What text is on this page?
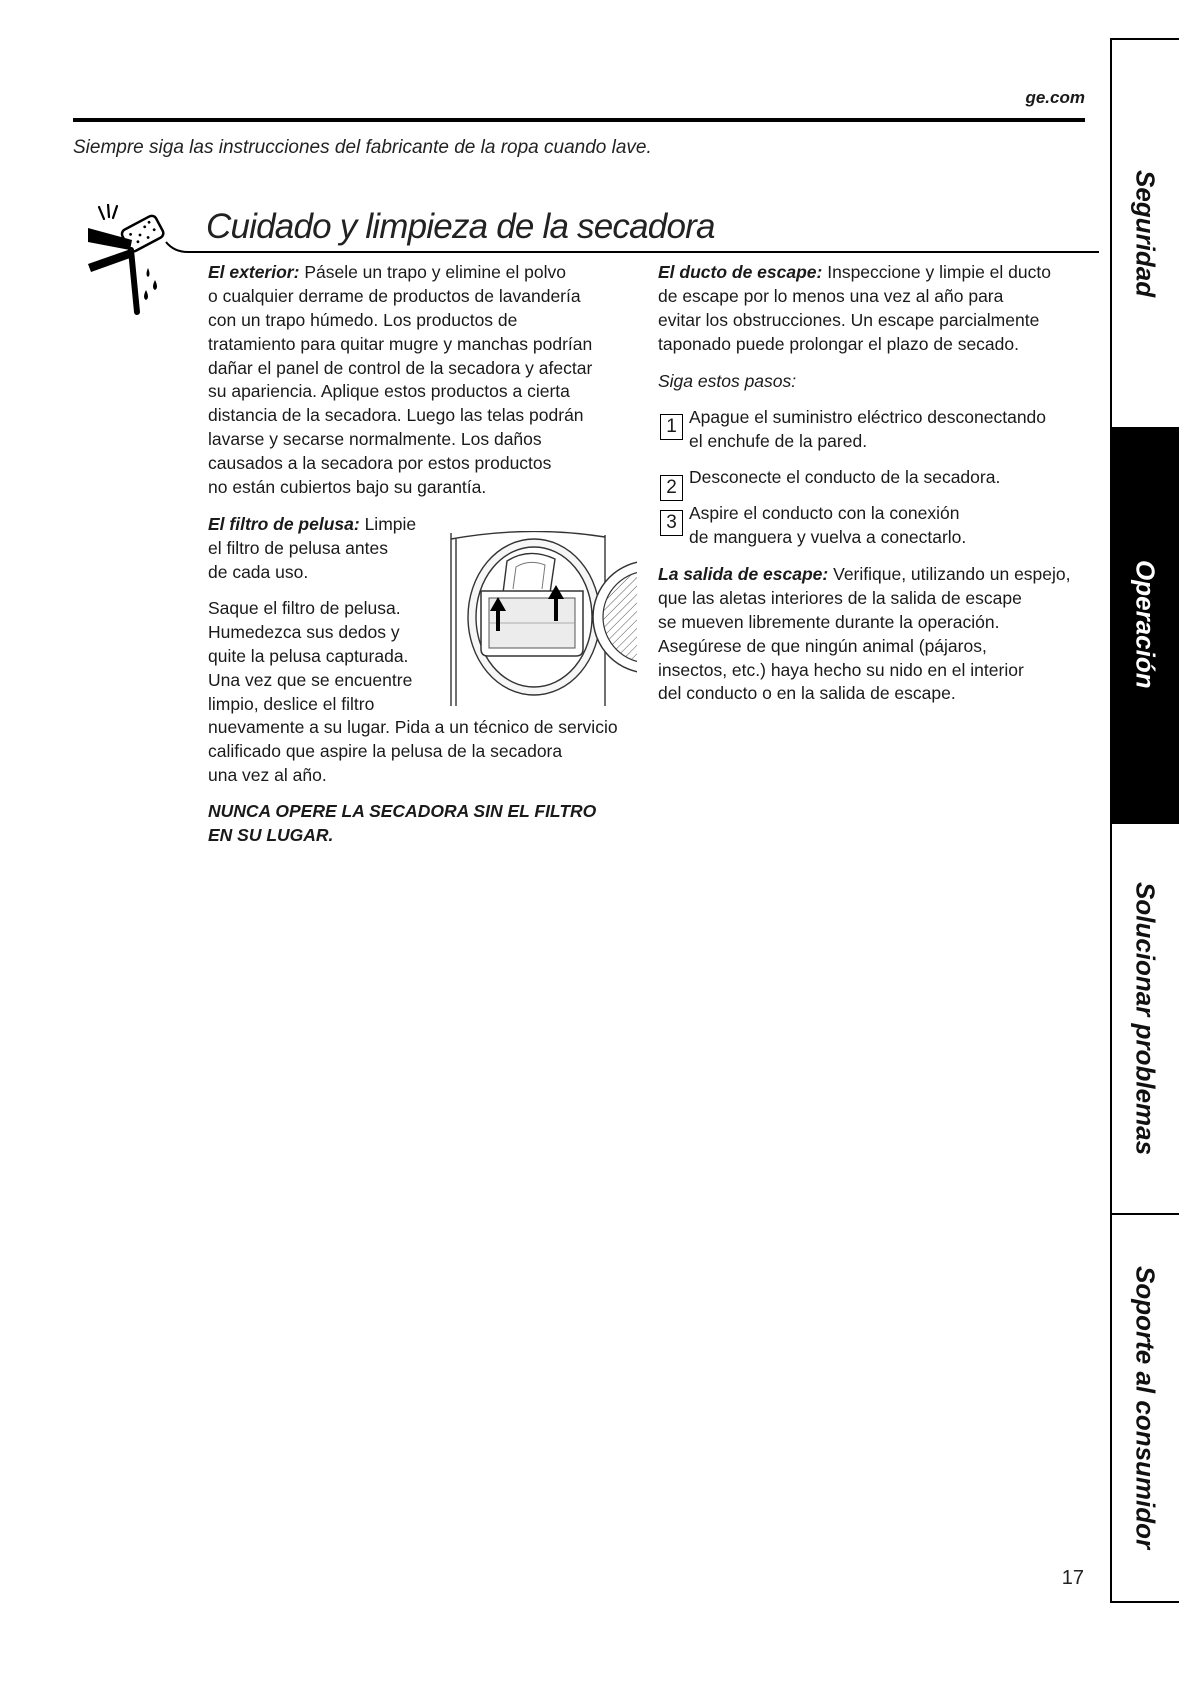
ge.com
Siempre siga las instrucciones del fabricante de la ropa cuando lave.
Cuidado y limpieza de la secadora
El exterior: Pásele un trapo y elimine el polvo
o cualquier derrame de productos de lavandería
con un trapo húmedo. Los productos de
tratamiento para quitar mugre y manchas podrían
dañar el panel de control de la secadora y afectar
su apariencia. Aplique estos productos a cierta
distancia de la secadora. Luego las telas podrán
lavarse y secarse normalmente. Los daños
causados a la secadora por estos productos
no están cubiertos bajo su garantía.
El filtro de pelusa: Limpie
el filtro de pelusa antes
de cada uso.
Saque el filtro de pelusa.
Humedezca sus dedos y
quite la pelusa capturada.
Una vez que se encuentre
limpio, deslice el filtro
nuevamente a su lugar. Pida a un técnico de servicio
calificado que aspire la pelusa de la secadora
una vez al año.
NUNCA OPERE LA SECADORA SIN EL FILTRO
EN SU LUGAR.
El ducto de escape: Inspeccione y limpie el ducto
de escape por lo menos una vez al año para
evitar los obstrucciones. Un escape parcialmente
taponado puede prolongar el plazo de secado.
Siga estos pasos:
1 Apague el suministro eléctrico desconectando
el enchufe de la pared.
2 Desconecte el conducto de la secadora.
3 Aspire el conducto con la conexión
de manguera y vuelva a conectarlo.
La salida de escape: Verifique, utilizando un espejo,
que las aletas interiores de la salida de escape
se mueven libremente durante la operación.
Asegúrese de que ningún animal (pájaros,
insectos, etc.) haya hecho su nido en el interior
del conducto o en la salida de escape.
Seguridad
Operación
Solucionar problemas
Soporte al consumidor
17
